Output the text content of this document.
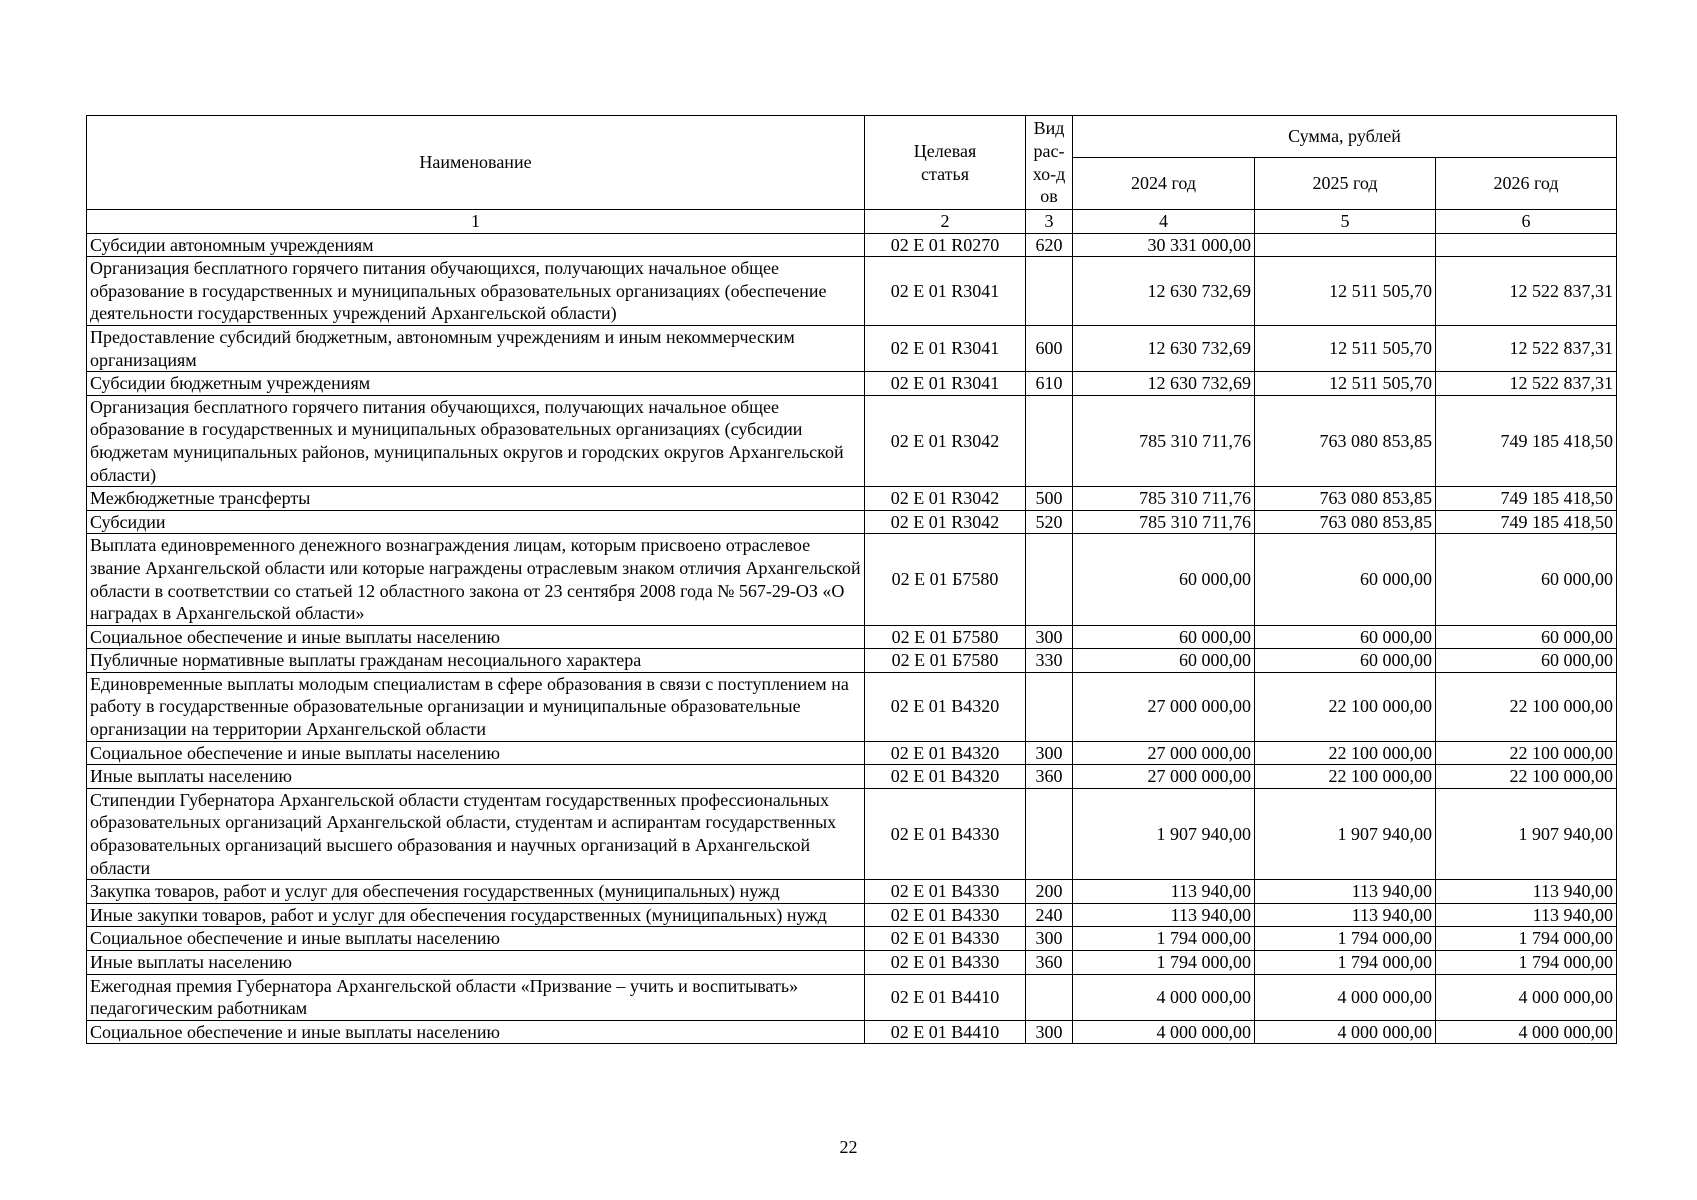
Наименование	Целевая статья	Вид рас-хо-дов	Сумма, рублей		
			2024 год	2025 год	2026 год
1	2	3	4	5	6
Субсидии автономным учреждениям	02 Е 01 R0270	620	30 331 000,00		
Организация бесплатного горячего питания обучающихся, получающих начальное общее образование в государственных и муниципальных образовательных организациях (обеспечение деятельности государственных учреждений Архангельской области)	02 Е 01 R3041		12 630 732,69	12 511 505,70	12 522 837,31
Предоставление субсидий бюджетным, автономным учреждениям и иным некоммерческим организациям	02 Е 01 R3041	600	12 630 732,69	12 511 505,70	12 522 837,31
Субсидии бюджетным учреждениям	02 Е 01 R3041	610	12 630 732,69	12 511 505,70	12 522 837,31
Организация бесплатного горячего питания обучающихся, получающих начальное общее образование в государственных и муниципальных образовательных организациях (субсидии бюджетам муниципальных районов, муниципальных округов и городских округов Архангельской области)	02 Е 01 R3042		785 310 711,76	763 080 853,85	749 185 418,50
Межбюджетные трансферты	02 Е 01 R3042	500	785 310 711,76	763 080 853,85	749 185 418,50
Субсидии	02 Е 01 R3042	520	785 310 711,76	763 080 853,85	749 185 418,50
Выплата единовременного денежного вознаграждения лицам, которым присвоено отраслевое звание Архангельской области или которые награждены отраслевым знаком отличия Архангельской области в соответствии со статьей 12 областного закона от 23 сентября 2008 года № 567-29-ОЗ «О наградах в Архангельской области»	02 Е 01 Б7580		60 000,00	60 000,00	60 000,00
Социальное обеспечение и иные выплаты населению	02 Е 01 Б7580	300	60 000,00	60 000,00	60 000,00
Публичные нормативные выплаты гражданам несоциального характера	02 Е 01 Б7580	330	60 000,00	60 000,00	60 000,00
Единовременные выплаты молодым специалистам в сфере образования в связи с поступлением на работу в государственные образовательные организации и муниципальные образовательные организации на территории Архангельской области	02 Е 01 В4320		27 000 000,00	22 100 000,00	22 100 000,00
Социальное обеспечение и иные выплаты населению	02 Е 01 В4320	300	27 000 000,00	22 100 000,00	22 100 000,00
Иные выплаты населению	02 Е 01 В4320	360	27 000 000,00	22 100 000,00	22 100 000,00
Стипендии Губернатора Архангельской области студентам государственных профессиональных образовательных организаций Архангельской области, студентам и аспирантам государственных образовательных организаций высшего образования и научных организаций в Архангельской области	02 Е 01 В4330		1 907 940,00	1 907 940,00	1 907 940,00
Закупка товаров, работ и услуг для обеспечения государственных (муниципальных) нужд	02 Е 01 В4330	200	113 940,00	113 940,00	113 940,00
Иные закупки товаров, работ и услуг для обеспечения государственных (муниципальных) нужд	02 Е 01 В4330	240	113 940,00	113 940,00	113 940,00
Социальное обеспечение и иные выплаты населению	02 Е 01 В4330	300	1 794 000,00	1 794 000,00	1 794 000,00
Иные выплаты населению	02 Е 01 В4330	360	1 794 000,00	1 794 000,00	1 794 000,00
Ежегодная премия Губернатора Архангельской области «Призвание – учить и воспитывать» педагогическим работникам	02 Е 01 В4410		4 000 000,00	4 000 000,00	4 000 000,00
Социальное обеспечение и иные выплаты населению	02 Е 01 В4410	300	4 000 000,00	4 000 000,00	4 000 000,00
22
